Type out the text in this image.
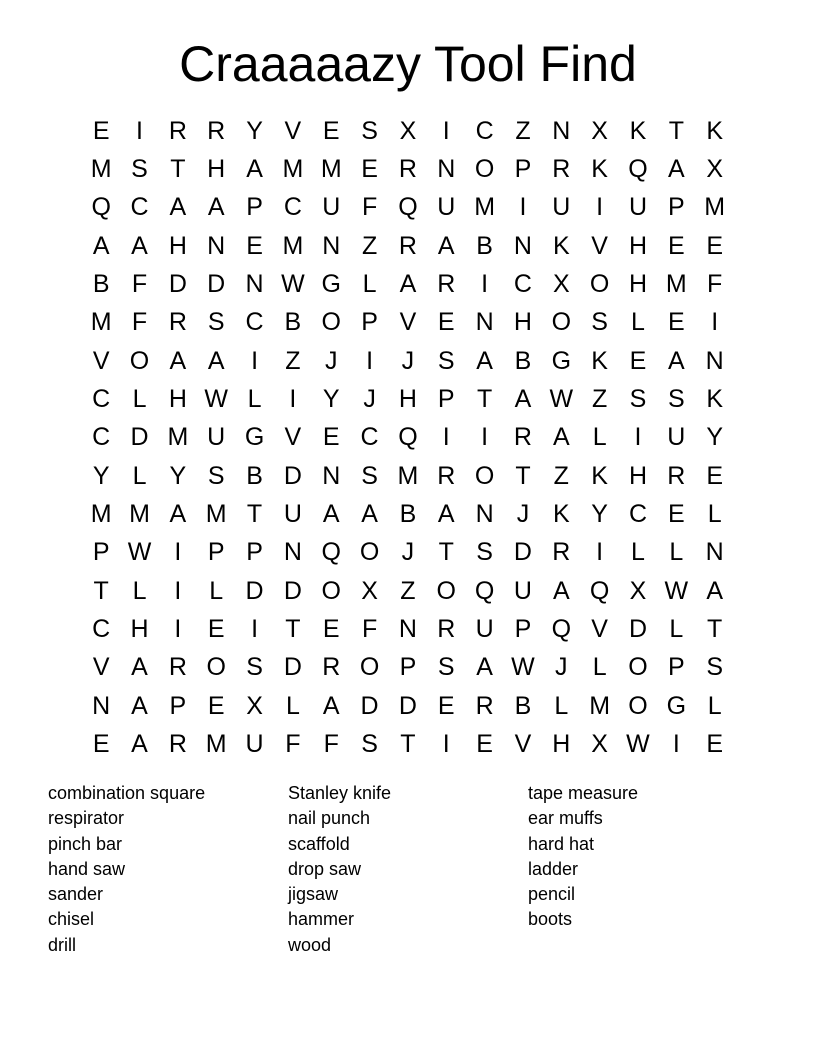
Craaaaazy Tool Find
E	I	R R Y V E S X	I	C Z N X K T K
M S T H A M M E R N O P R K Q A X
Q C A A P C U F Q U M I	U	I	U P M
A A H N E M N Z R A B N K V H E E
B F D D N W G L A R	I	C X O H M F
M F R S C B O P V E N H O S L E	I
V O A A	I	Z J	I	J S A B G K E A N
C L H W L	I	Y J H P T A W Z S S K
C D M U G V E C Q	I	I	R A L	I	U Y
Y L Y S B D N S M R O T Z K H R E
M M A M T U A A B A N J K Y C E L
P W I	P P N Q O J T S D R	I	L L N
T L	I	L D D O X Z O Q U A Q X W A
C H	I	E	I	T E F N R U P Q V D L T
V A R O S D R O P S A W J	L O P S
N A P E X L A D D E R B L M O G L
E A R M U F F S T	I	E V H X W I	E
combination square
respirator
pinch bar
hand saw
sander
chisel
drill
Stanley knife
nail punch
scaffold
drop saw
jigsaw
hammer
wood
tape measure
ear muffs
hard hat
ladder
pencil
boots
